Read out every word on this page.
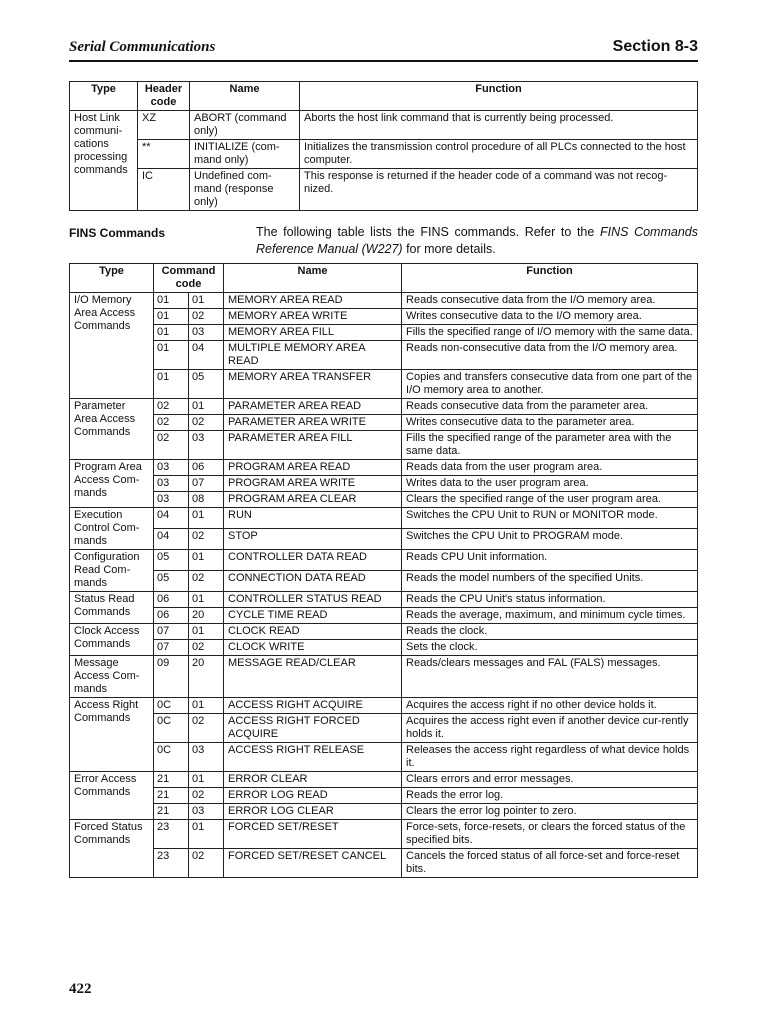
Serial Communications	Section 8-3
Type	Header code	Name	Function
Host Link communi-cations processing commands	XZ	ABORT (command only)	Aborts the host link command that is currently being processed.
	**	INITIALIZE (com-mand only)	Initializes the transmission control procedure of all PLCs connected to the host computer.
	IC	Undefined com-mand (response only)	This response is returned if the header code of a command was not recog-nized.
FINS Commands	The following table lists the FINS commands. Refer to the FINS Commands Reference Manual (W227) for more details.
Type	Command code		Name	Function
I/O Memory Area Access Commands	01	01	MEMORY AREA READ	Reads consecutive data from the I/O memory area.
	01	02	MEMORY AREA WRITE	Writes consecutive data to the I/O memory area.
	01	03	MEMORY AREA FILL	Fills the specified range of I/O memory with the same data.
	01	04	MULTIPLE MEMORY AREA READ	Reads non-consecutive data from the I/O memory area.
	01	05	MEMORY AREA TRANSFER	Copies and transfers consecutive data from one part of the I/O memory area to another.
Parameter Area Access Commands	02	01	PARAMETER AREA READ	Reads consecutive data from the parameter area.
	02	02	PARAMETER AREA WRITE	Writes consecutive data to the parameter area.
	02	03	PARAMETER AREA FILL	Fills the specified range of the parameter area with the same data.
Program Area Access Com-mands	03	06	PROGRAM AREA READ	Reads data from the user program area.
	03	07	PROGRAM AREA WRITE	Writes data to the user program area.
	03	08	PROGRAM AREA CLEAR	Clears the specified range of the user program area.
Execution Control Com-mands	04	01	RUN	Switches the CPU Unit to RUN or MONITOR mode.
	04	02	STOP	Switches the CPU Unit to PROGRAM mode.
Configuration Read Com-mands	05	01	CONTROLLER DATA READ	Reads CPU Unit information.
	05	02	CONNECTION DATA READ	Reads the model numbers of the specified Units.
Status Read Commands	06	01	CONTROLLER STATUS READ	Reads the CPU Unit's status information.
	06	20	CYCLE TIME READ	Reads the average, maximum, and minimum cycle times.
Clock Access Commands	07	01	CLOCK READ	Reads the clock.
	07	02	CLOCK WRITE	Sets the clock.
Message Access Com-mands	09	20	MESSAGE READ/CLEAR	Reads/clears messages and FAL (FALS) messages.
Access Right Commands	0C	01	ACCESS RIGHT ACQUIRE	Acquires the access right if no other device holds it.
	0C	02	ACCESS RIGHT FORCED ACQUIRE	Acquires the access right even if another device cur-rently holds it.
	0C	03	ACCESS RIGHT RELEASE	Releases the access right regardless of what device holds it.
Error Access Commands	21	01	ERROR CLEAR	Clears errors and error messages.
	21	02	ERROR LOG READ	Reads the error log.
	21	03	ERROR LOG CLEAR	Clears the error log pointer to zero.
Forced Status Commands	23	01	FORCED SET/RESET	Force-sets, force-resets, or clears the forced status of the specified bits.
	23	02	FORCED SET/RESET CANCEL	Cancels the forced status of all force-set and force-reset bits.
422
